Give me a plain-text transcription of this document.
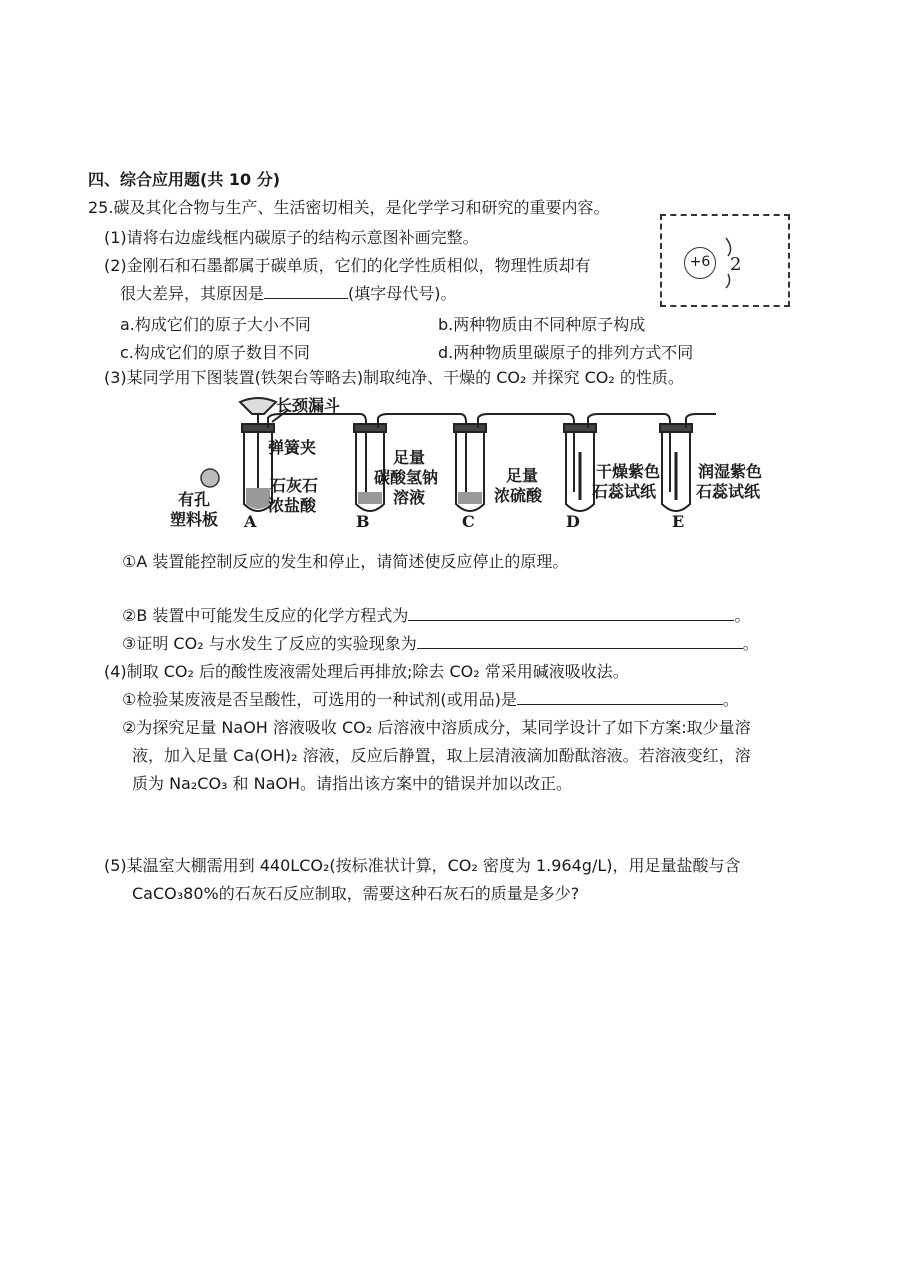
四、综合应用题(共 10 分)
25.碳及其化合物与生产、生活密切相关，是化学学习和研究的重要内容。
(1)请将右边虚线框内碳原子的结构示意图补画完整。
+6	2
(2)金刚石和石墨都属于碳单质，它们的化学性质相似，物理性质却有
很大差异，其原因是	(填字母代号)。
a.构成它们的原子大小不同	b.两种物质由不同种原子构成
c.构成它们的原子数目不同	d.两种物质里碳原子的排列方式不同
(3)某同学用下图装置(铁架台等略去)制取纯净、干燥的 CO₂ 并探究 CO₂ 的性质。
长颈漏斗
弹簧夹
石灰石
浓盐酸
有孔
塑料板
足量
碳酸氢钠
溶液
足量
浓硫酸
干燥紫色
石蕊试纸
润湿紫色
石蕊试纸
A	B	C	D	E
①A 装置能控制反应的发生和停止，请简述使反应停止的原理。
②B 装置中可能发生反应的化学方程式为	。
③证明 CO₂ 与水发生了反应的实验现象为	。
(4)制取 CO₂ 后的酸性废液需处理后再排放;除去 CO₂ 常采用碱液吸收法。
①检验某废液是否呈酸性，可选用的一种试剂(或用品)是	。
②为探究足量 NaOH 溶液吸收 CO₂ 后溶液中溶质成分，某同学设计了如下方案:取少量溶
液，加入足量 Ca(OH)₂ 溶液，反应后静置，取上层清液滴加酚酞溶液。若溶液变红，溶
质为 Na₂CO₃ 和 NaOH。请指出该方案中的错误并加以改正。
(5)某温室大棚需用到 440LCO₂(按标准状计算，CO₂ 密度为 1.964g/L)，用足量盐酸与含
CaCO₃80%的石灰石反应制取，需要这种石灰石的质量是多少?
